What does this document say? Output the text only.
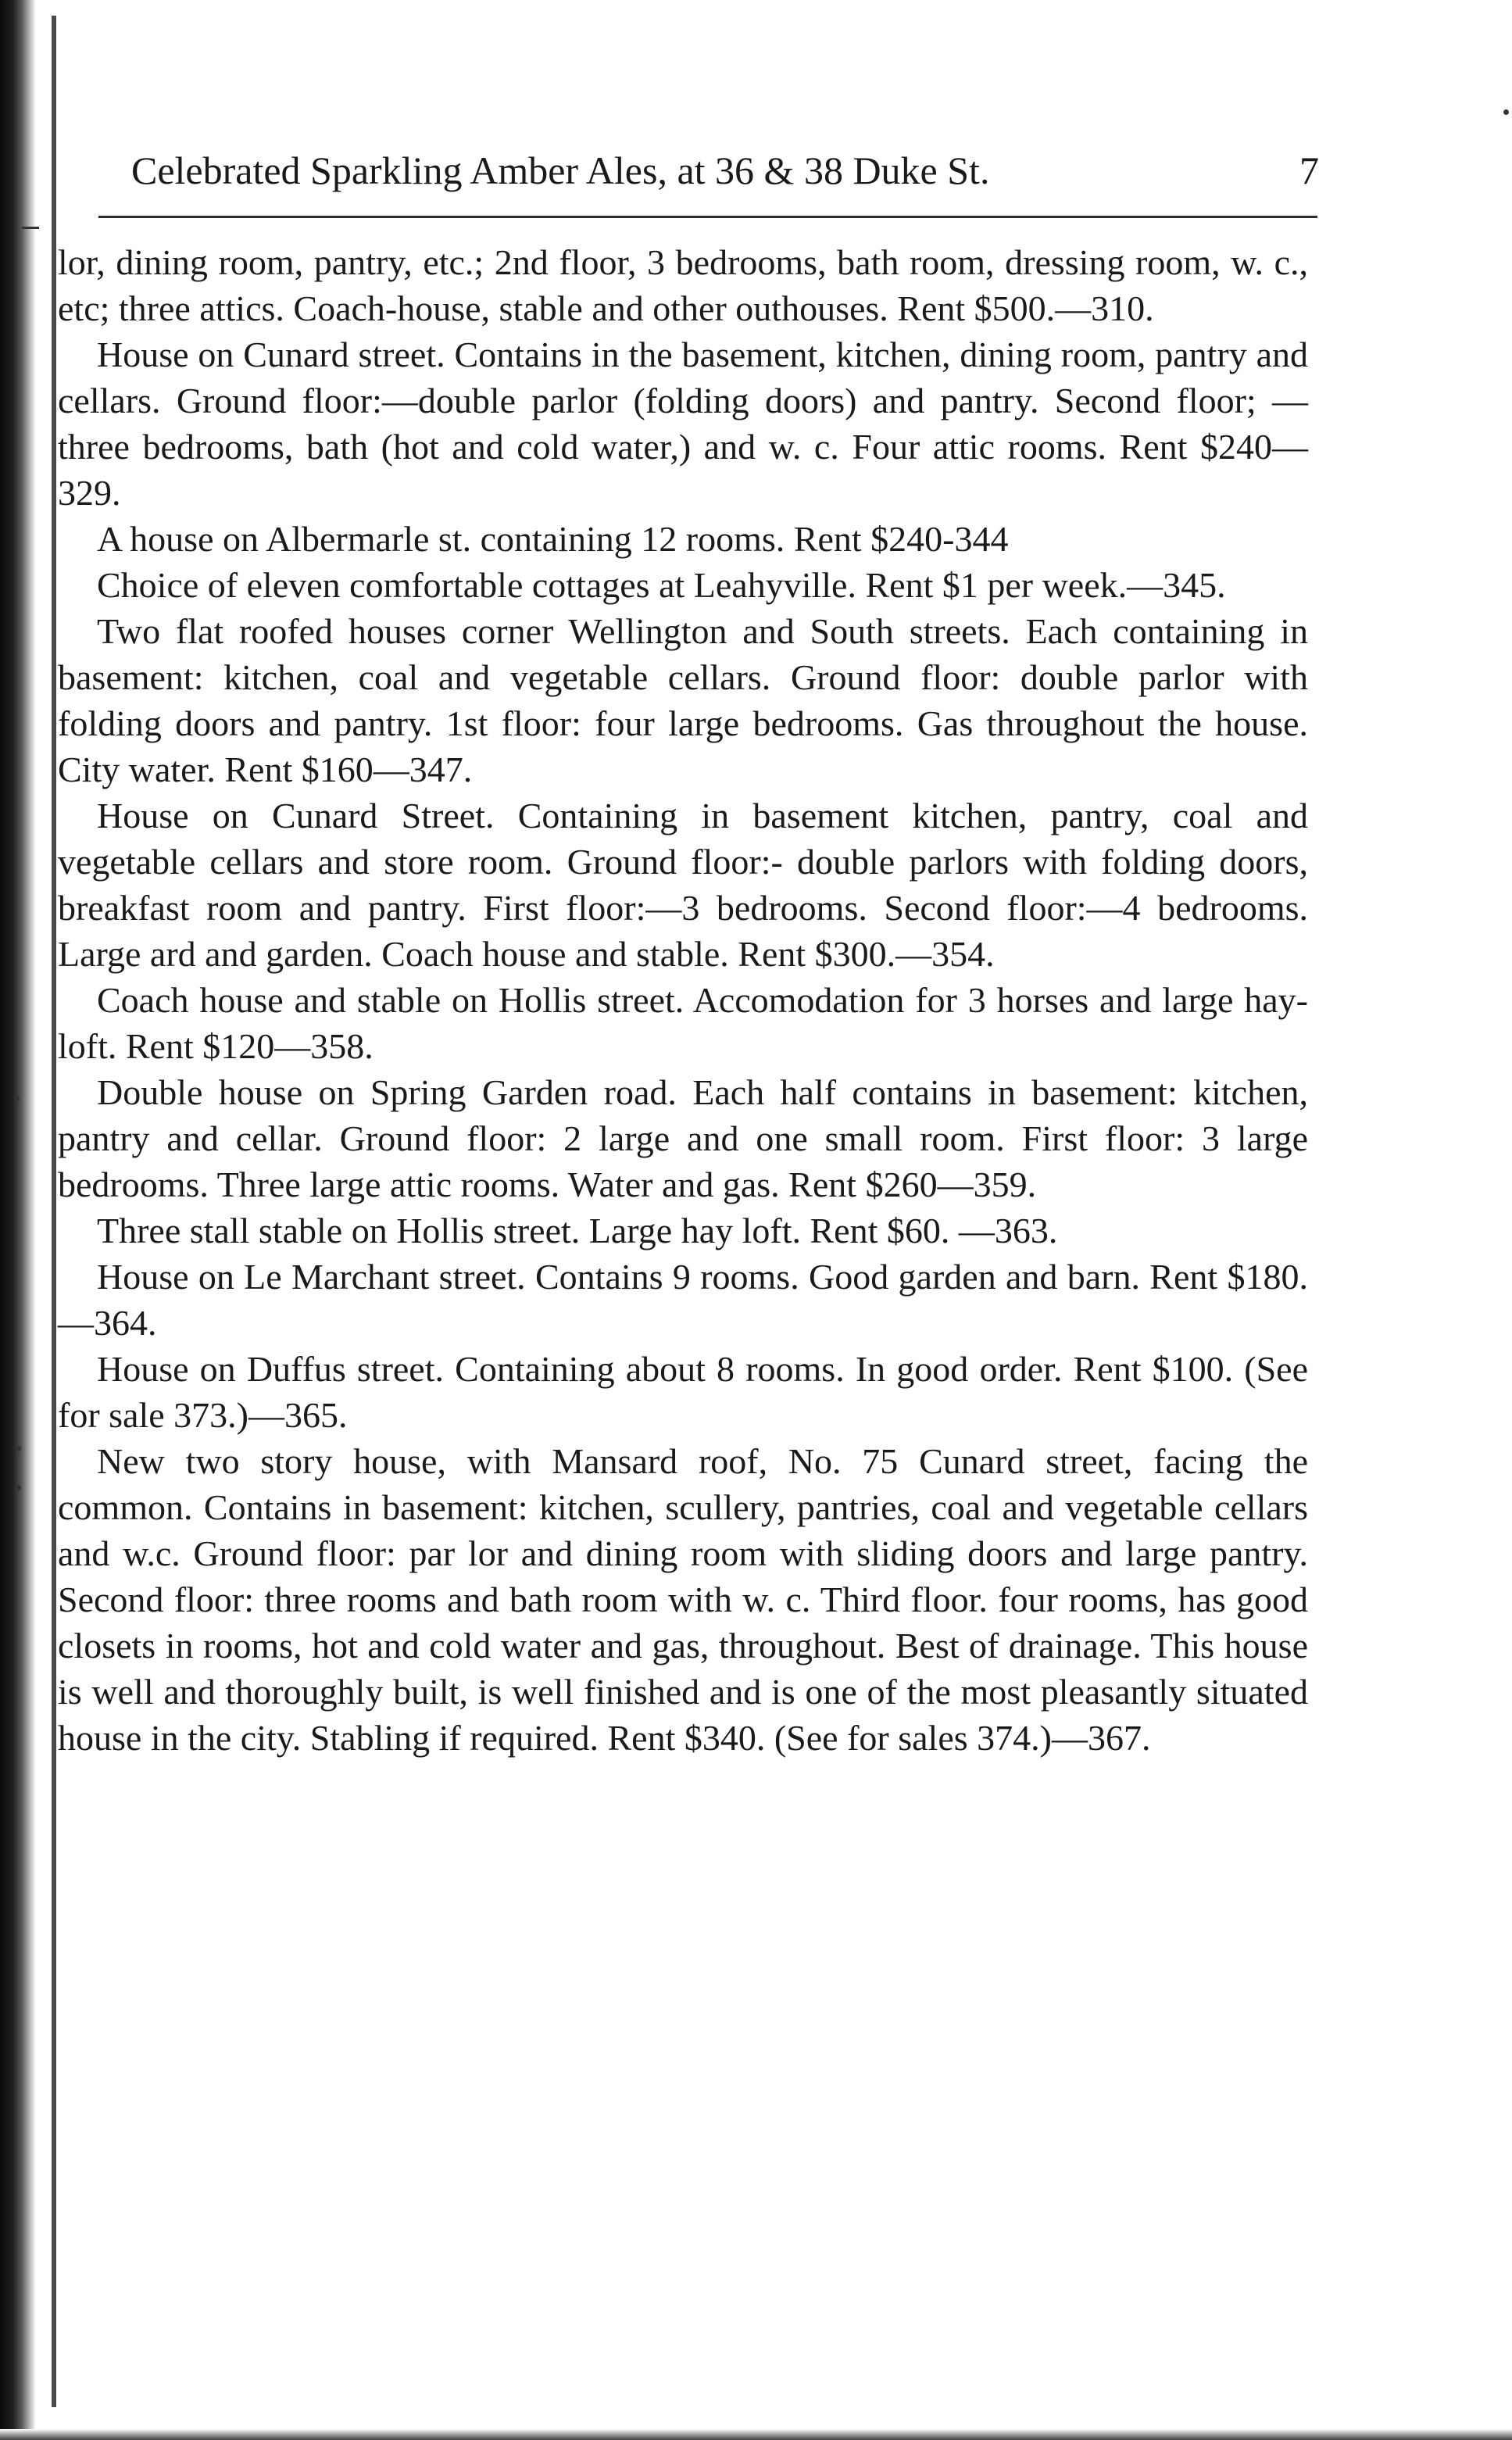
Celebrated Sparkling Amber Ales, at 36 & 38 Duke St.	7

lor, dining room, pantry, etc.; 2nd floor, 3 bedrooms, bath room, dressing room, w. c., etc; three attics. Coach-house, stable and other outhouses. Rent $500.—310.

House on Cunard street. Contains in the basement, kitchen, dining room, pantry and cellars. Ground floor:—double parlor (folding doors) and pantry. Second floor; —three bedrooms, bath (hot and cold water,) and w. c. Four attic rooms. Rent $240—329.

A house on Albermarle st. containing 12 rooms. Rent $240-344

Choice of eleven comfortable cottages at Leahyville. Rent $1 per week.—345.

Two flat roofed houses corner Wellington and South streets. Each containing in basement: kitchen, coal and vegetable cellars. Ground floor: double parlor with folding doors and pantry. 1st floor: four large bedrooms. Gas throughout the house. City water. Rent $160—347.

House on Cunard Street. Containing in basement kitchen, pantry, coal and vegetable cellars and store room. Ground floor:- double parlors with folding doors, breakfast room and pantry. First floor:—3 bedrooms. Second floor:—4 bedrooms. Large ard and garden. Coach house and stable. Rent $300.—354.

Coach house and stable on Hollis street. Accomodation for 3 horses and large hay-loft. Rent $120—358.

Double house on Spring Garden road. Each half contains in basement: kitchen, pantry and cellar. Ground floor: 2 large and one small room. First floor: 3 large bedrooms. Three large attic rooms. Water and gas. Rent $260—359.

Three stall stable on Hollis street. Large hay loft. Rent $60. —363.

House on Le Marchant street. Contains 9 rooms. Good garden and barn. Rent $180.—364.

House on Duffus street. Containing about 8 rooms. In good order. Rent $100. (See for sale 373.)—365.

New two story house, with Mansard roof, No. 75 Cunard street, facing the common. Contains in basement: kitchen, scullery, pantries, coal and vegetable cellars and w.c. Ground floor: par lor and dining room with sliding doors and large pantry. Second floor: three rooms and bath room with w. c. Third floor. four rooms, has good closets in rooms, hot and cold water and gas, throughout. Best of drainage. This house is well and thoroughly built, is well finished and is one of the most pleasantly situated house in the city. Stabling if required. Rent $340. (See for sales 374.)—367.
